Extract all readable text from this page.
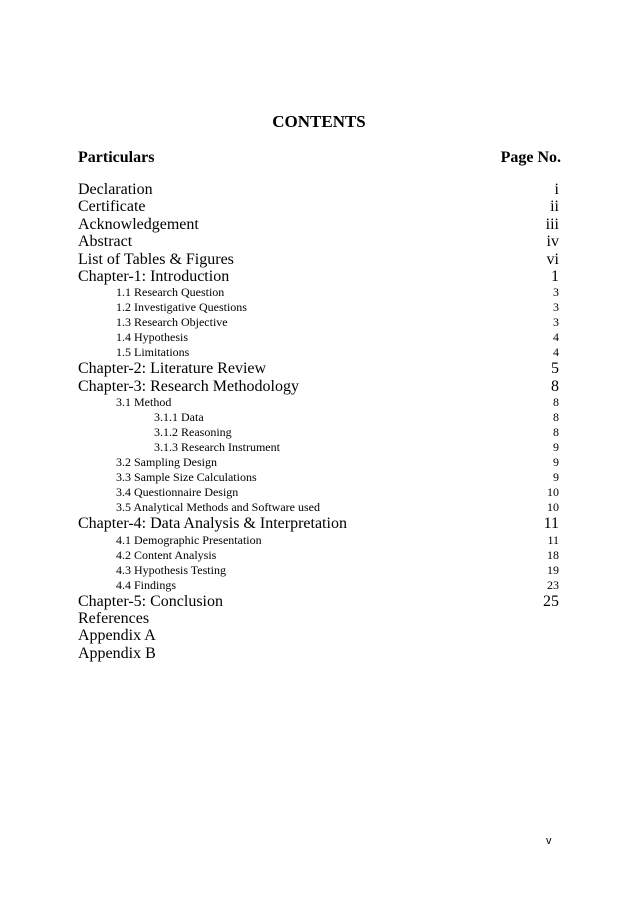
CONTENTS
Particulars	Page No.
Declaration	i
Certificate	ii
Acknowledgement	iii
Abstract	iv
List of Tables & Figures	vi
Chapter-1: Introduction	1
1.1 Research Question	3
1.2 Investigative Questions	3
1.3 Research Objective	3
1.4 Hypothesis	4
1.5 Limitations	4
Chapter-2: Literature Review	5
Chapter-3: Research Methodology	8
3.1 Method	8
3.1.1 Data	8
3.1.2 Reasoning	8
3.1.3 Research Instrument	9
3.2 Sampling Design	9
3.3 Sample Size Calculations	9
3.4 Questionnaire Design	10
3.5 Analytical Methods and Software used	10
Chapter-4: Data Analysis & Interpretation	11
4.1 Demographic Presentation	11
4.2 Content Analysis	18
4.3 Hypothesis Testing	19
4.4 Findings	23
Chapter-5: Conclusion	25
References
Appendix A
Appendix B
v
